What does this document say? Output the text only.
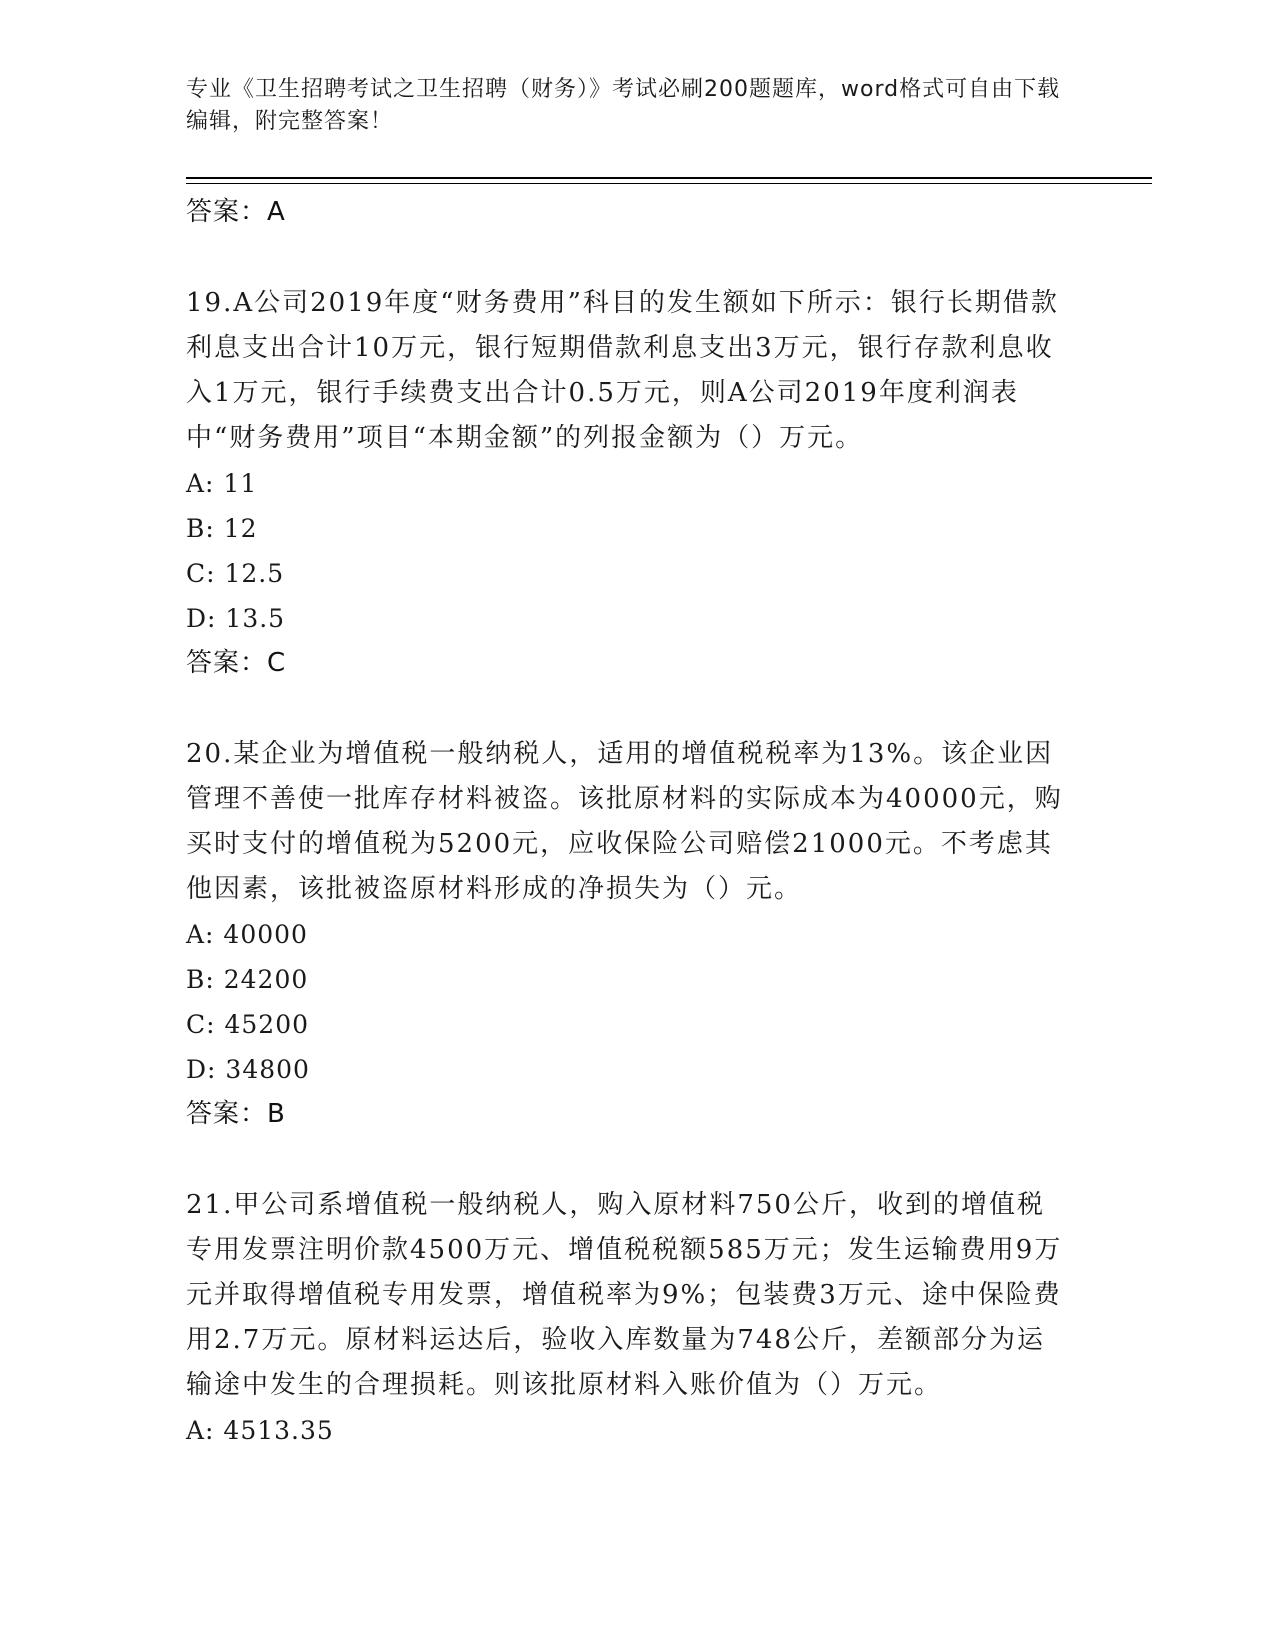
专业《卫生招聘考试之卫生招聘（财务）》考试必刷200题题库，word格式可自由下载编辑，附完整答案！
答案：A

19.A公司2019年度“财务费用”科目的发生额如下所示：银行长期借款利息支出合计10万元，银行短期借款利息支出3万元，银行存款利息收入1万元，银行手续费支出合计0.5万元，则A公司2019年度利润表中“财务费用”项目“本期金额”的列报金额为（）万元。

A: 11
B: 12
C: 12.5
D: 13.5
答案：C

20.某企业为增值税一般纳税人，适用的增值税税率为13%。该企业因管理不善使一批库存材料被盗。该批原材料的实际成本为40000元，购买时支付的增值税为5200元，应收保险公司赔偿21000元。不考虑其他因素，该批被盗原材料形成的净损失为（）元。

A: 40000
B: 24200
C: 45200
D: 34800
答案：B

21.甲公司系增值税一般纳税人，购入原材料750公斤，收到的增值税专用发票注明价款4500万元、增值税税额585万元；发生运输费用9万元并取得增值税专用发票，增值税率为9%；包装费3万元、途中保险费用2.7万元。原材料运达后，验收入库数量为748公斤，差额部分为运输途中发生的合理损耗。则该批原材料入账价值为（）万元。

A: 4513.35
